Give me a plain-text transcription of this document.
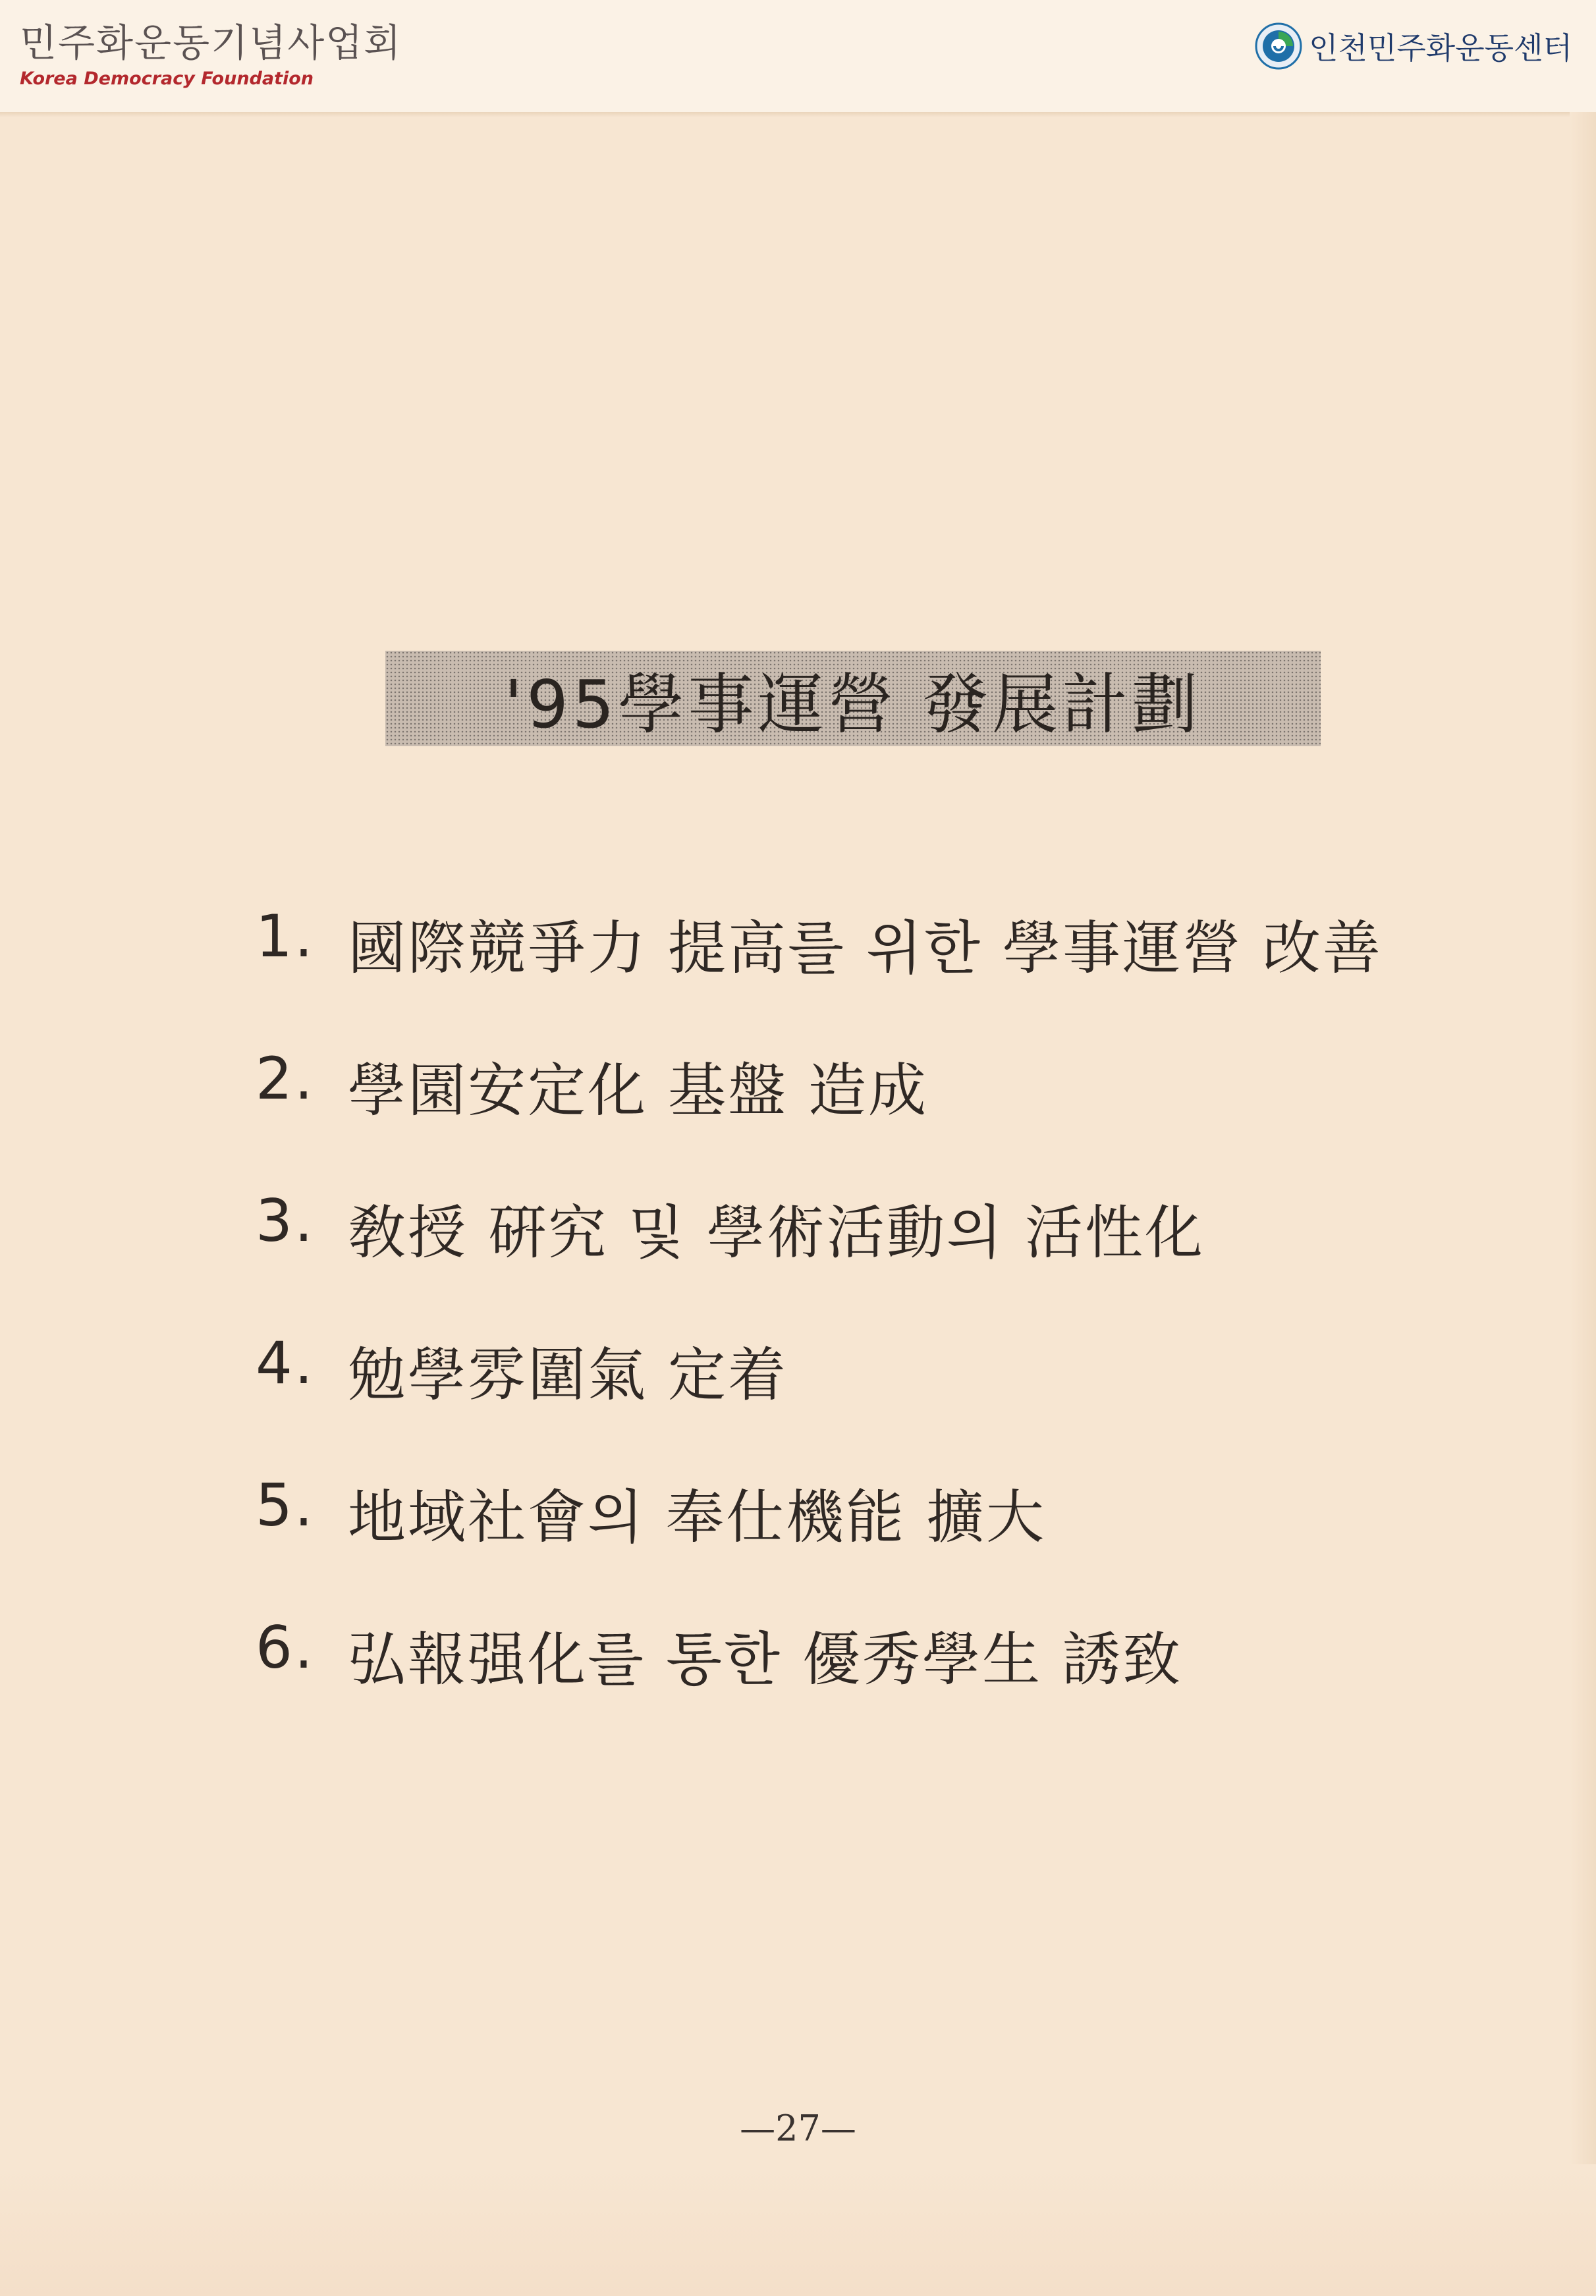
민주화운동기념사업회
Korea Democracy Foundation
인천민주화운동센터
'95學事運營 發展計劃
1. 國際競爭力 提高를 위한 學事運營 改善
2. 學園安定化 基盤 造成
3. 敎授 硏究 및 學術活動의 活性化
4. 勉學雰圍氣 定着
5. 地域社會의 奉仕機能 擴大
6. 弘報强化를 통한 優秀學生 誘致
—27—
